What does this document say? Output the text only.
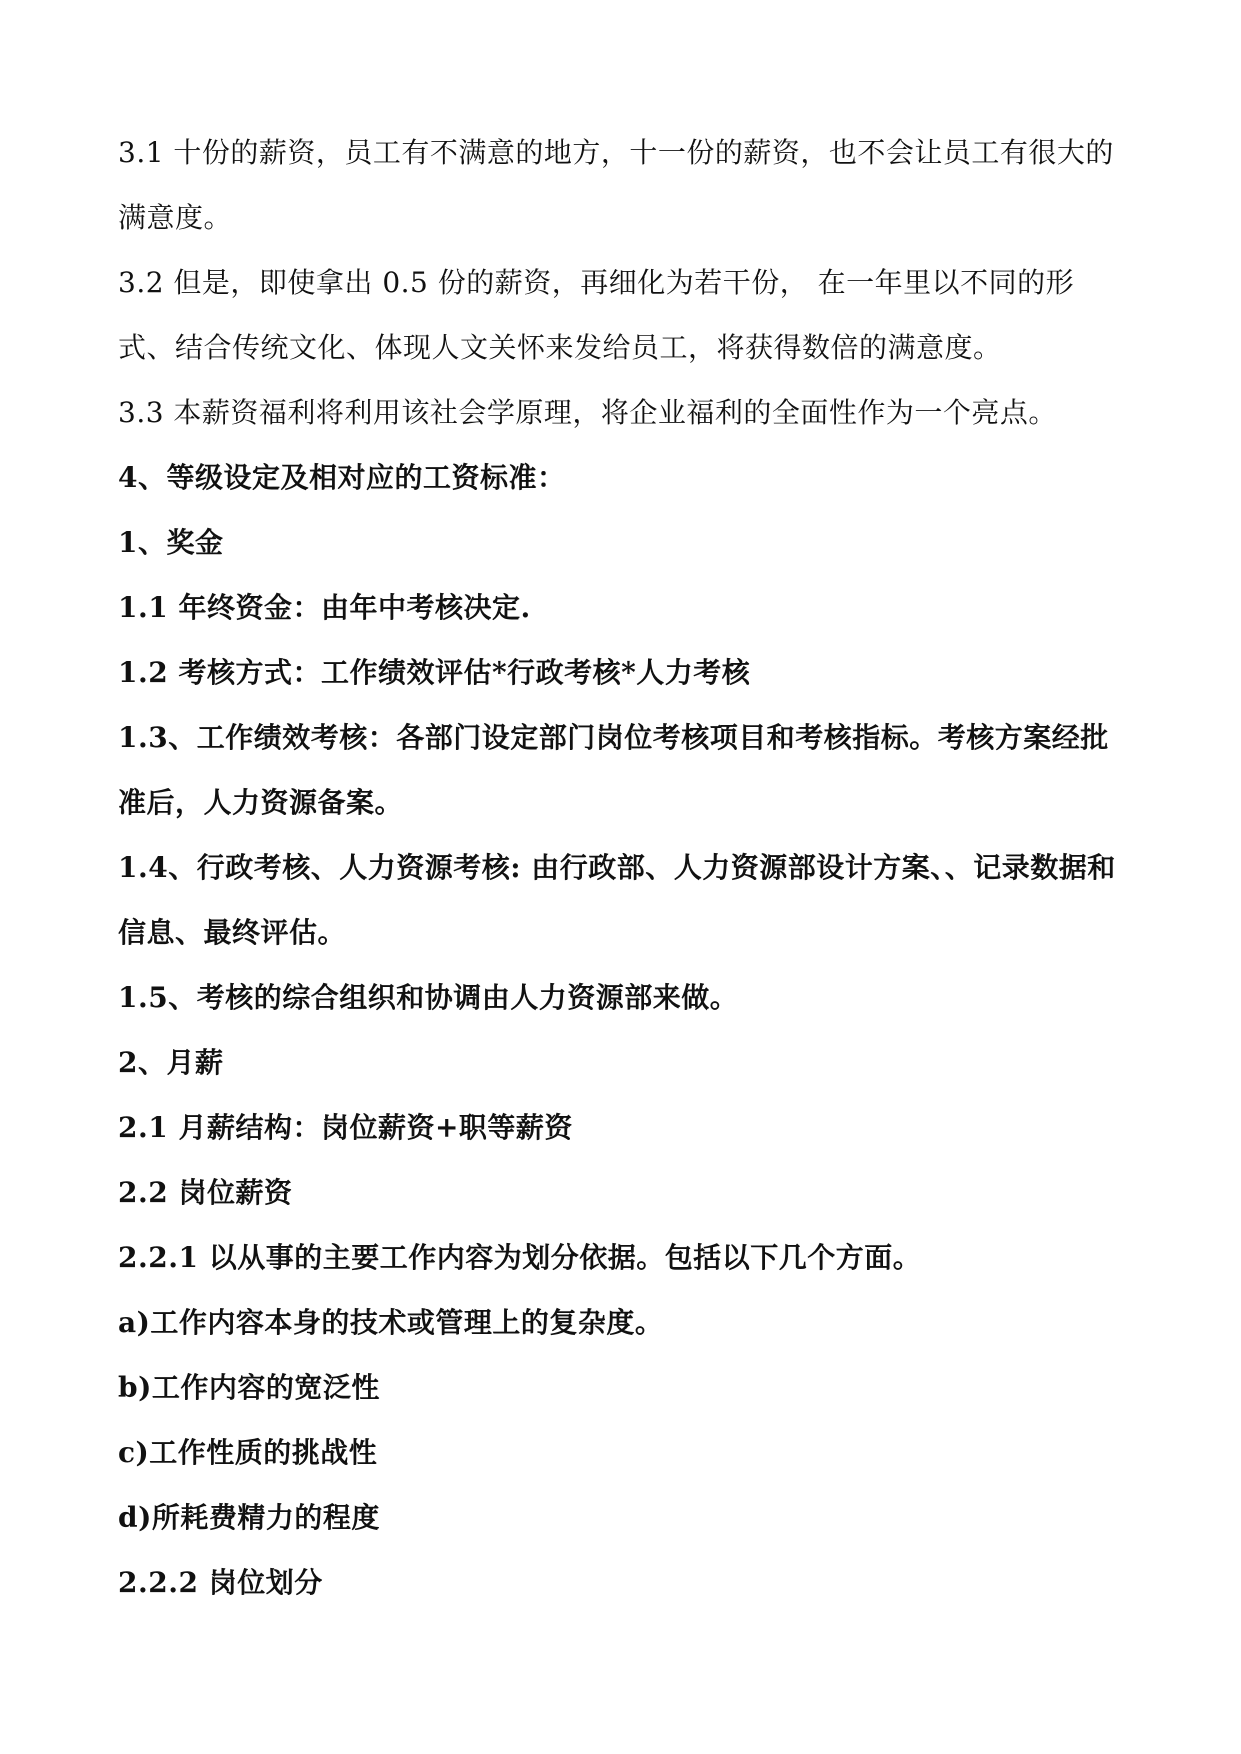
3.1 十份的薪资，员工有不满意的地方，十一份的薪资，也不会让员工有很大的满意度。

3.2 但是，即使拿出 0.5 份的薪资，再细化为若干份， 在一年里以不同的形式、结合传统文化、体现人文关怀来发给员工，将获得数倍的满意度。

3.3 本薪资福利将利用该社会学原理，将企业福利的全面性作为一个亮点。

4、等级设定及相对应的工资标准：

1、奖金

1.1 年终资金：由年中考核决定.

1.2 考核方式：工作绩效评估*行政考核*人力考核

1.3、工作绩效考核：各部门设定部门岗位考核项目和考核指标。考核方案经批准后，人力资源备案。

1.4、行政考核、人力资源考核: 由行政部、人力资源部设计方案、、记录数据和信息、最终评估。

1.5、考核的综合组织和协调由人力资源部来做。

2、月薪

2.1 月薪结构：岗位薪资+职等薪资

2.2 岗位薪资

2.2.1 以从事的主要工作内容为划分依据。包括以下几个方面。

a)工作内容本身的技术或管理上的复杂度。

b)工作内容的宽泛性

c)工作性质的挑战性

d)所耗费精力的程度

2.2.2 岗位划分
